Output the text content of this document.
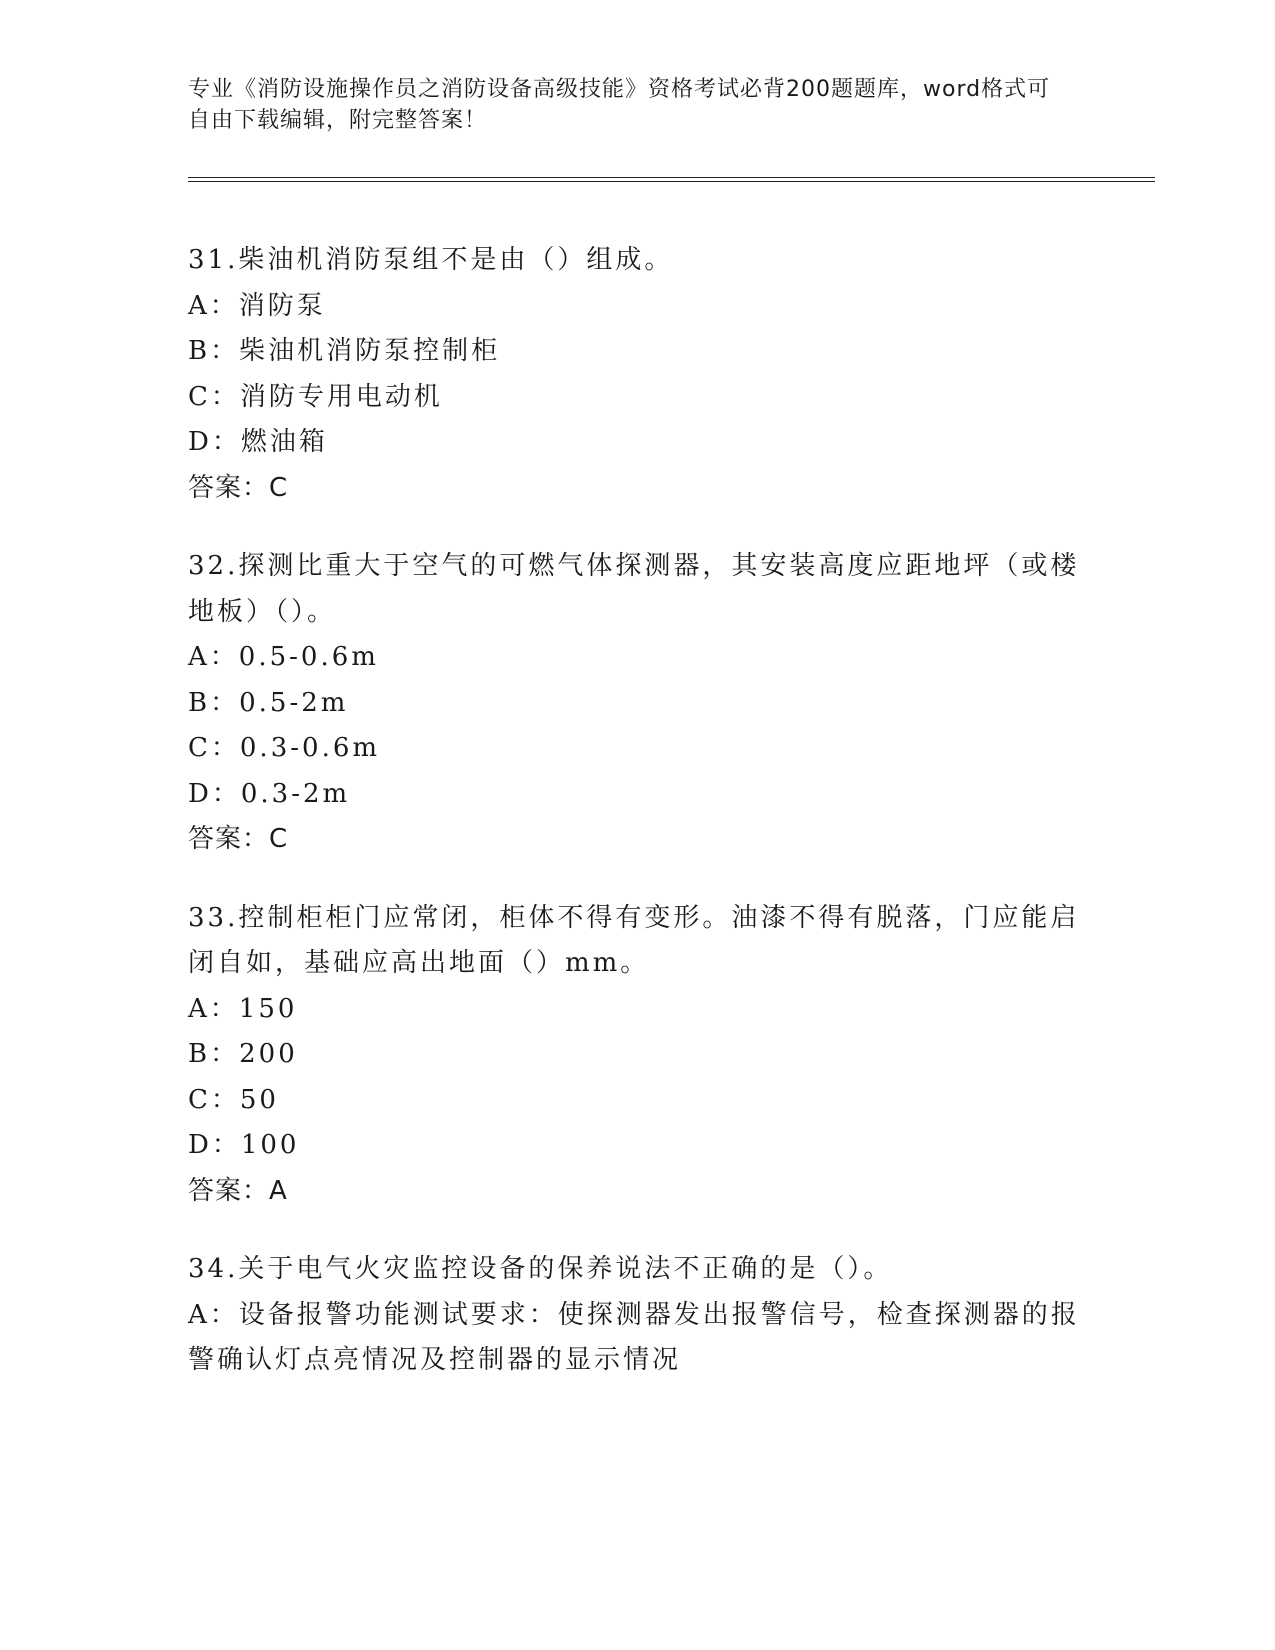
专业《消防设施操作员之消防设备高级技能》资格考试必背200题题库，word格式可自由下载编辑，附完整答案！
31.柴油机消防泵组不是由（）组成。
A：消防泵
B：柴油机消防泵控制柜
C：消防专用电动机
D：燃油箱
答案：C
32.探测比重大于空气的可燃气体探测器，其安装高度应距地坪（或楼地板）（）。
A：0.5-0.6m
B：0.5-2m
C：0.3-0.6m
D：0.3-2m
答案：C
33.控制柜柜门应常闭，柜体不得有变形。油漆不得有脱落，门应能启闭自如，基础应高出地面（）mm。
A：150
B：200
C：50
D：100
答案：A
34.关于电气火灾监控设备的保养说法不正确的是（）。
A：设备报警功能测试要求：使探测器发出报警信号，检查探测器的报警确认灯点亮情况及控制器的显示情况
